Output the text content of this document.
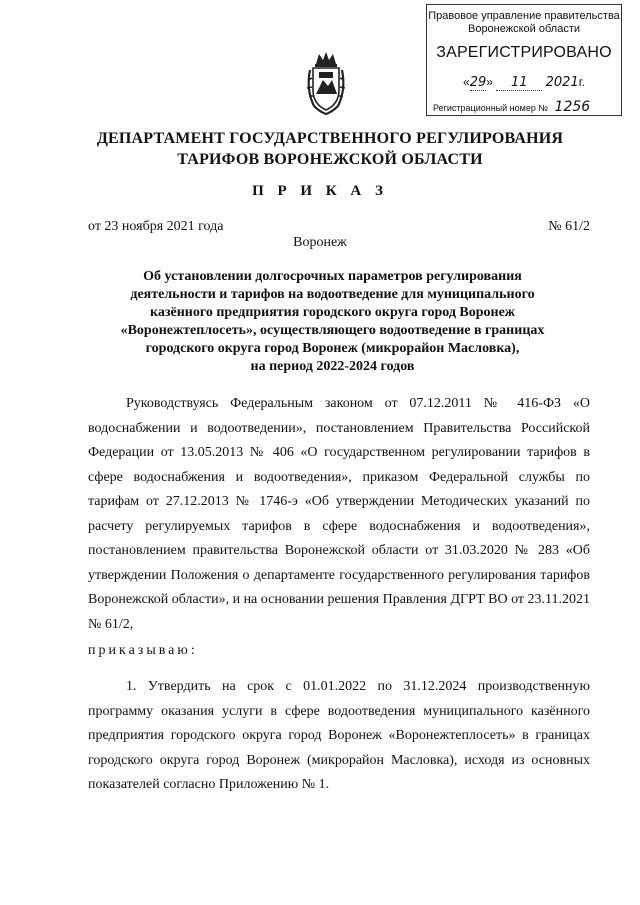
Правовое управление правительства
Воронежской области
ЗАРЕГИСТРИРОВАНО
«29» 11 2021г.
Регистрационный номер № 1256
ДЕПАРТАМЕНТ ГОСУДАРСТВЕННОГО РЕГУЛИРОВАНИЯ
ТАРИФОВ ВОРОНЕЖСКОЙ ОБЛАСТИ
П Р И К А З
от 23 ноября 2021 года	№ 61/2
Воронеж
Об установлении долгосрочных параметров регулирования
деятельности и тарифов на водоотведение для муниципального
казённого предприятия городского округа город Воронеж
«Воронежтеплосеть», осуществляющего водоотведение в границах
городского округа город Воронеж (микрорайон Масловка),
на период 2022-2024 годов

Руководствуясь Федеральным законом от 07.12.2011 № 416-ФЗ «О водоснабжении и водоотведении», постановлением Правительства Российской Федерации от 13.05.2013 № 406 «О государственном регулировании тарифов в сфере водоснабжения и водоотведения», приказом Федеральной службы по тарифам от 27.12.2013 № 1746-э «Об утверждении Методических указаний по расчету регулируемых тарифов в сфере водоснабжения и водоотведения», постановлением правительства Воронежской области от 31.03.2020 № 283 «Об утверждении Положения о департаменте государственного регулирования тарифов Воронежской области», и на основании решения Правления ДГРТ ВО от 23.11.2021 № 61/2,

приказываю:

1. Утвердить на срок с 01.01.2022 по 31.12.2024 производственную программу оказания услуги в сфере водоотведения муниципального казённого предприятия городского округа город Воронеж «Воронежтеплосеть» в границах городского округа город Воронеж (микрорайон Масловка), исходя из основных показателей согласно Приложению № 1.
